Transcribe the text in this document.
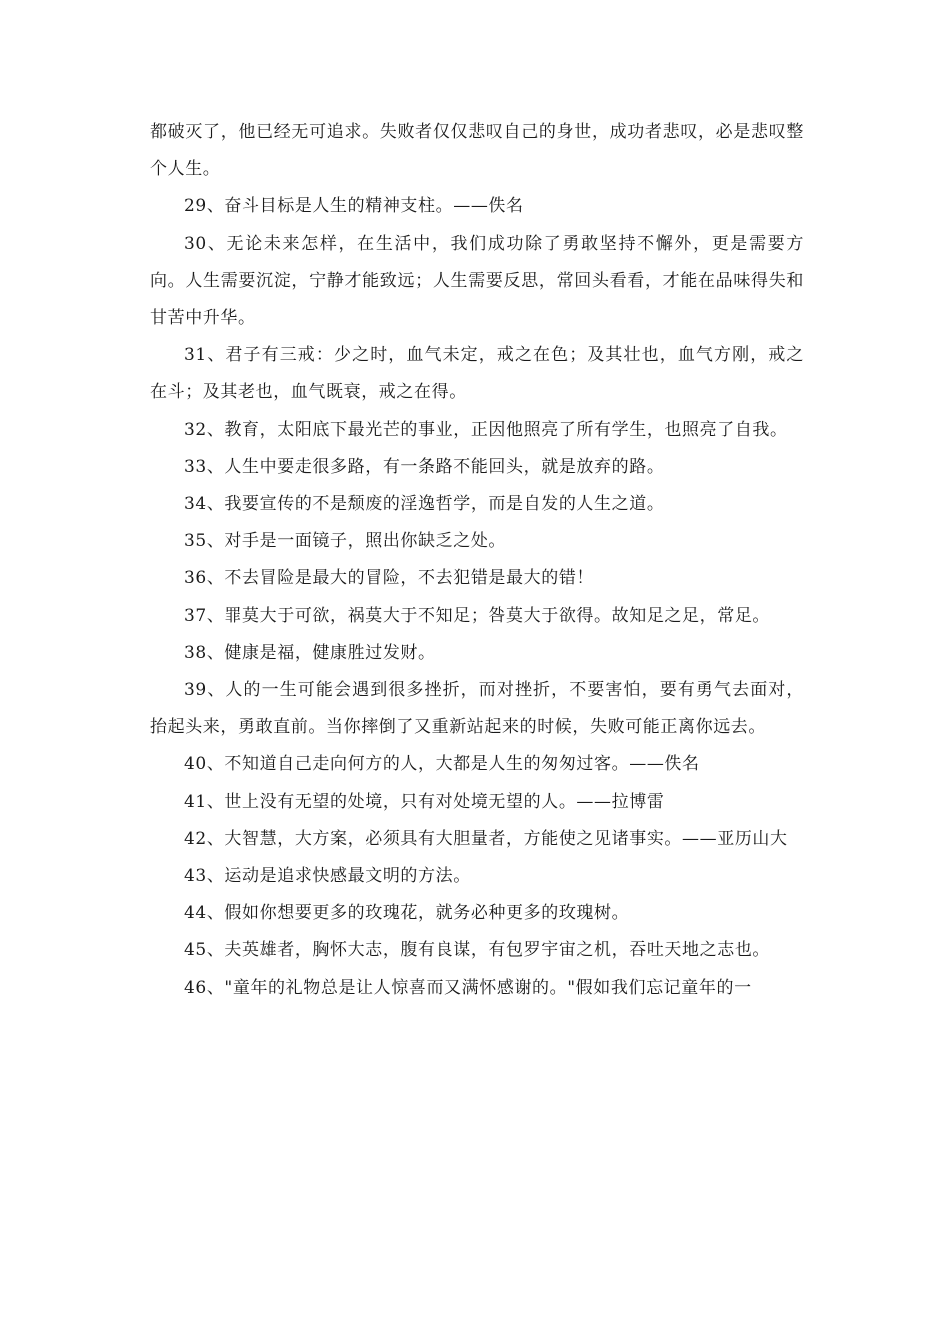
都破灭了，他已经无可追求。失败者仅仅悲叹自己的身世，成功者悲叹，必是悲叹整个人生。

29、奋斗目标是人生的精神支柱。——佚名

30、无论未来怎样，在生活中，我们成功除了勇敢坚持不懈外，更是需要方向。人生需要沉淀，宁静才能致远；人生需要反思，常回头看看，才能在品味得失和甘苦中升华。

31、君子有三戒：少之时，血气未定，戒之在色；及其壮也，血气方刚，戒之在斗；及其老也，血气既衰，戒之在得。

32、教育，太阳底下最光芒的事业，正因他照亮了所有学生，也照亮了自我。

33、人生中要走很多路，有一条路不能回头，就是放弃的路。

34、我要宣传的不是颓废的淫逸哲学，而是自发的人生之道。

35、对手是一面镜子，照出你缺乏之处。

36、不去冒险是最大的冒险，不去犯错是最大的错！

37、罪莫大于可欲，祸莫大于不知足；咎莫大于欲得。故知足之足，常足。

38、健康是福，健康胜过发财。

39、人的一生可能会遇到很多挫折，而对挫折，不要害怕，要有勇气去面对，抬起头来，勇敢直前。当你摔倒了又重新站起来的时候，失败可能正离你远去。

40、不知道自己走向何方的人，大都是人生的匆匆过客。——佚名

41、世上没有无望的处境，只有对处境无望的人。——拉博雷

42、大智慧，大方案，必须具有大胆量者，方能使之见诸事实。——亚历山大

43、运动是追求快感最文明的方法。

44、假如你想要更多的玫瑰花，就务必种更多的玫瑰树。

45、夫英雄者，胸怀大志，腹有良谋，有包罗宇宙之机，吞吐天地之志也。

46、"童年的礼物总是让人惊喜而又满怀感谢的。"假如我们忘记童年的一
